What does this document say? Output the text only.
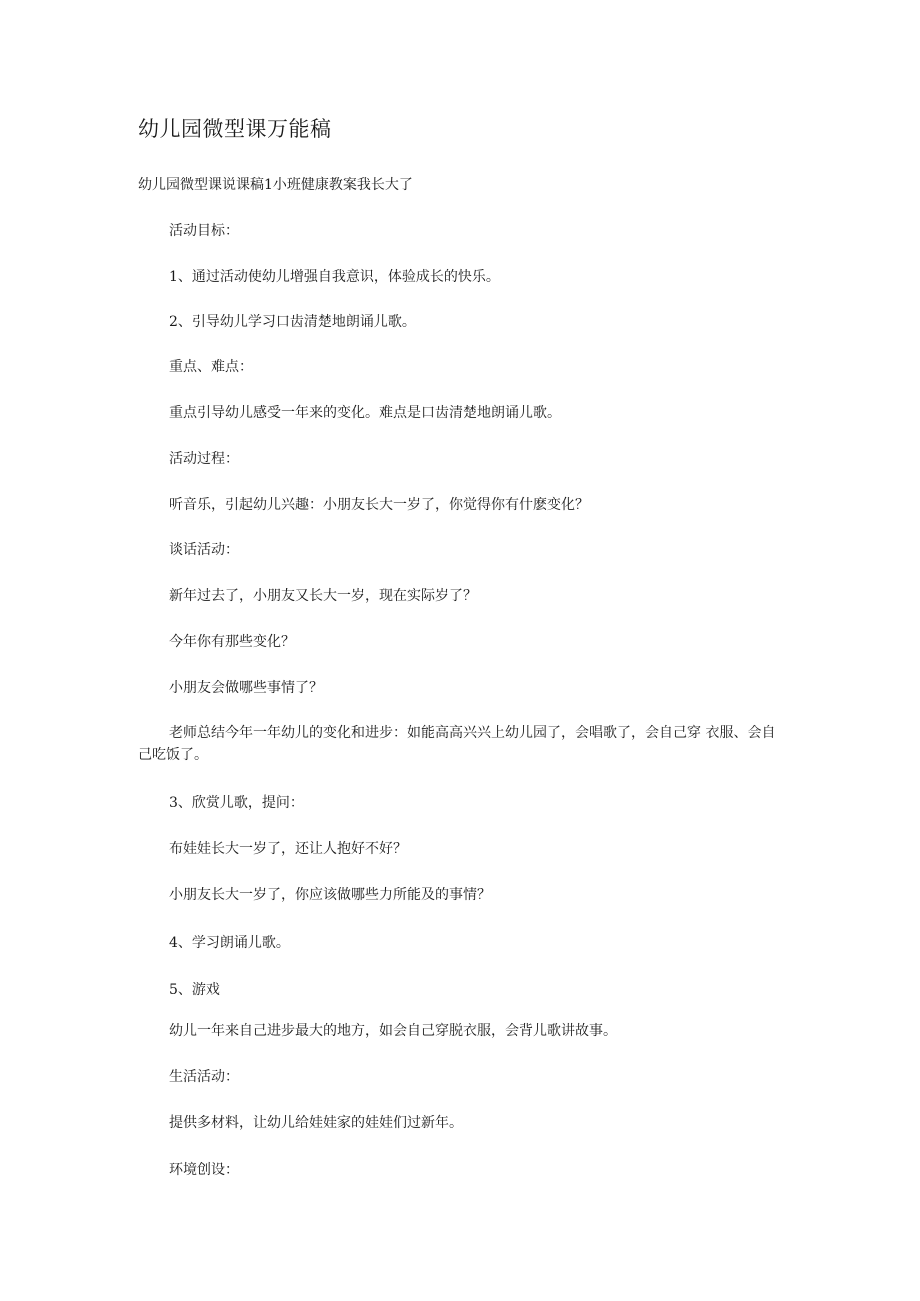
幼儿园微型课万能稿
幼儿园微型课说课稿1小班健康教案我长大了
活动目标：
1、通过活动使幼儿增强自我意识，体验成长的快乐。
2、引导幼儿学习口齿清楚地朗诵儿歌。
重点、难点：
重点引导幼儿感受一年来的变化。难点是口齿清楚地朗诵儿歌。
活动过程：
听音乐，引起幼儿兴趣：小朋友长大一岁了，你觉得你有什麽变化？
谈话活动：
新年过去了，小朋友又长大一岁，现在实际岁了？
今年你有那些变化？
小朋友会做哪些事情了？
老师总结今年一年幼儿的变化和进步：如能高高兴兴上幼儿园了，会唱歌了，会自己穿 衣服、会自己吃饭了。
3、欣赏儿歌，提问：
布娃娃长大一岁了，还让人抱好不好？
小朋友长大一岁了，你应该做哪些力所能及的事情？
4、学习朗诵儿歌。
5、游戏
幼儿一年来自己进步最大的地方，如会自己穿脱衣服，会背儿歌讲故事。
生活活动：
提供多材料，让幼儿给娃娃家的娃娃们过新年。
环境创设：
